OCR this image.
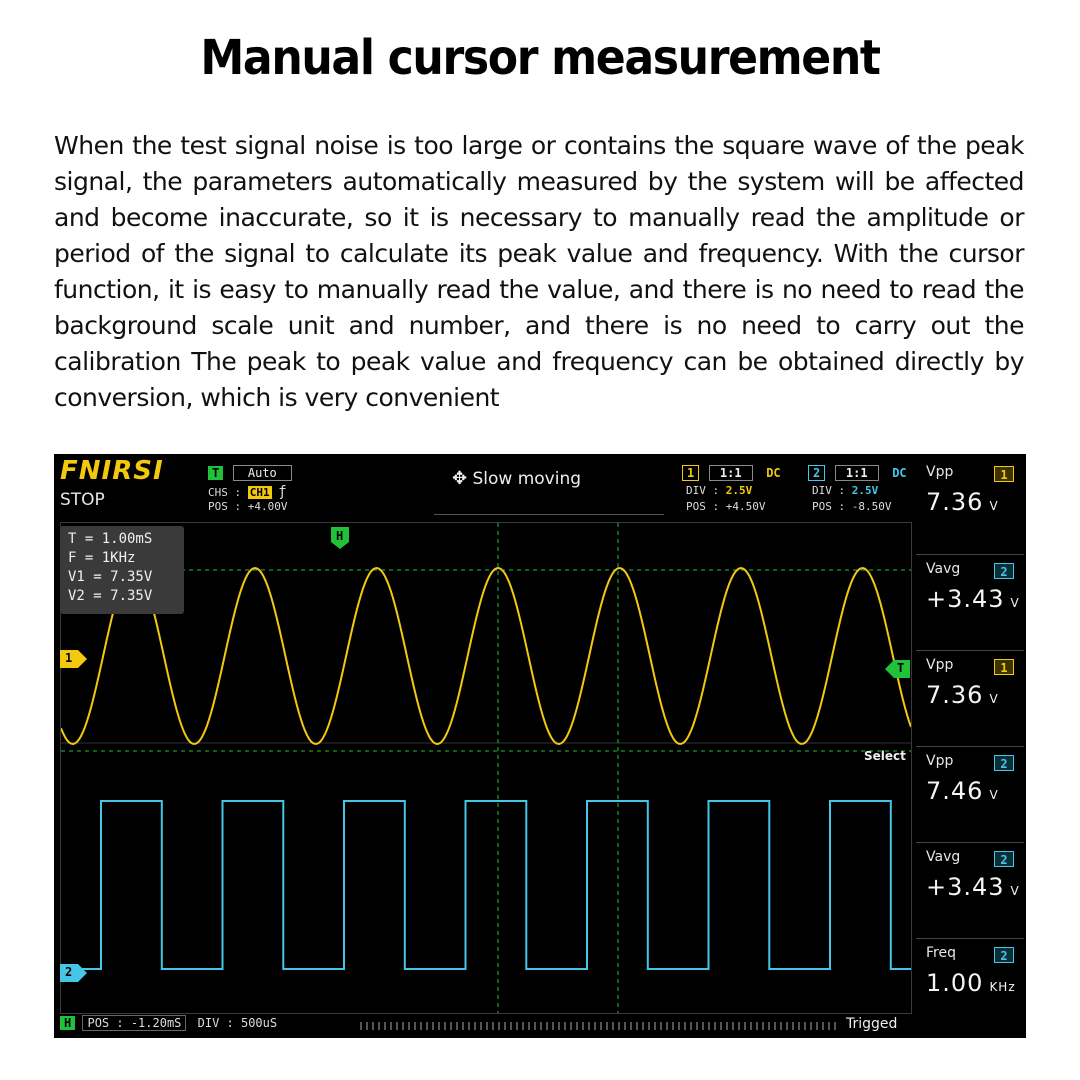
Manual cursor measurement
When the test signal noise is too large or contains the square wave of the peak signal, the parameters automatically measured by the system will be affected and become inaccurate, so it is necessary to manually read the amplitude or period of the signal to calculate its peak value and frequency. With the cursor function, it is easy to manually read the value, and there is no need to read the background scale unit and number, and there is no need to carry out the calibration The peak to peak value and frequency can be obtained directly by conversion, which is very convenient
FNIRSI
STOP
T Auto
CHS : CH1 ƒ
POS : +4.00V
✥ Slow moving	1 1:1 DC
DIV : 2.5V
POS : +4.50V
2 1:1 DC
DIV : 2.5V
POS : -8.50V
T = 1.00mS
F = 1KHz
V1 = 7.35V
V2 = 7.35V
H
1
2
T
Select
Vpp	1
7.36 V
Vavg	2
+3.43 V
Vpp	1
7.36 V
Vpp	2
7.46 V
Vavg	2
+3.43 V
Freq	2
1.00 KHz
H POS : -1.20mS DIV : 500uS	Trigged
